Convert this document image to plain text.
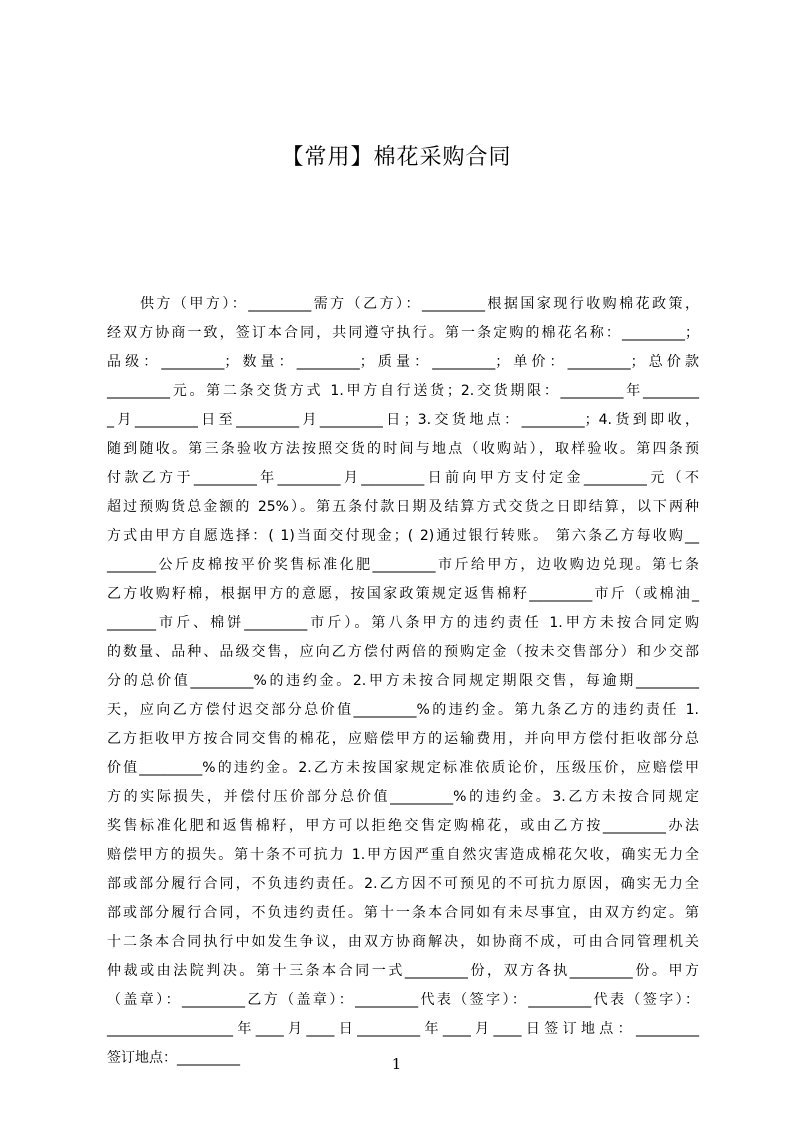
【常用】棉花采购合同
供方（甲方）：_________需方（乙方）：_________根据国家现行收购棉花政策，
经双方协商一致，签订本合同，共同遵守执行。第一条定购的棉花名称：_________；
品级：_________；数量：_________；质量：_________；单价：_________；总价款
_________元。第二条交货方式 1.甲方自行送货；2.交货期限：_________年________
_月_________日至_________月_________日；3.交货地点：_________；4.货到即收，
随到随收。第三条验收方法按照交货的时间与地点（收购站），取样验收。第四条预
付款乙方于_________年_________月_________日前向甲方支付定金_________元（不
超过预购货总金额的 25%）。第五条付款日期及结算方式交货之日即结算，以下两种
方式由甲方自愿选择：( 1)当面交付现金；( 2)通过银行转账。 第六条乙方每收购__
_______公斤皮棉按平价奖售标准化肥_________市斤给甲方，边收购边兑现。第七条
乙方收购籽棉，根据甲方的意愿，按国家政策规定返售棉籽_________市斤（或棉油_
_______市斤、棉饼_________市斤）。第八条甲方的违约责任 1.甲方未按合同定购
的数量、品种、品级交售，应向乙方偿付两倍的预购定金（按未交售部分）和少交部
分的总价值_________%的违约金。2.甲方未按合同规定期限交售，每逾期_________
天，应向乙方偿付迟交部分总价值_________%的违约金。第九条乙方的违约责任 1.
乙方拒收甲方按合同交售的棉花，应赔偿甲方的运输费用，并向甲方偿付拒收部分总
价值_________%的违约金。2.乙方未按国家规定标准依质论价，压级压价，应赔偿甲
方的实际损失，并偿付压价部分总价值_________%的违约金。3.乙方未按合同规定
奖售标准化肥和返售棉籽，甲方可以拒绝交售定购棉花，或由乙方按_________办法
赔偿甲方的损失。第十条不可抗力 1.甲方因严重自然灾害造成棉花欠收，确实无力全
部或部分履行合同，不负违约责任。2.乙方因不可预见的不可抗力原因，确实无力全
部或部分履行合同，不负违约责任。第十一条本合同如有未尽事宜，由双方约定。第
十二条本合同执行中如发生争议，由双方协商解决，如协商不成，可由合同管理机关
仲裁或由法院判决。第十三条本合同一式_________份，双方各执_________份。甲方
（盖章）：_________乙方（盖章）：_________代表（签字）：_________代表（签字）：
__________________年____月____日_________年____月____日签订地点：_________
签订地点：_________	1
